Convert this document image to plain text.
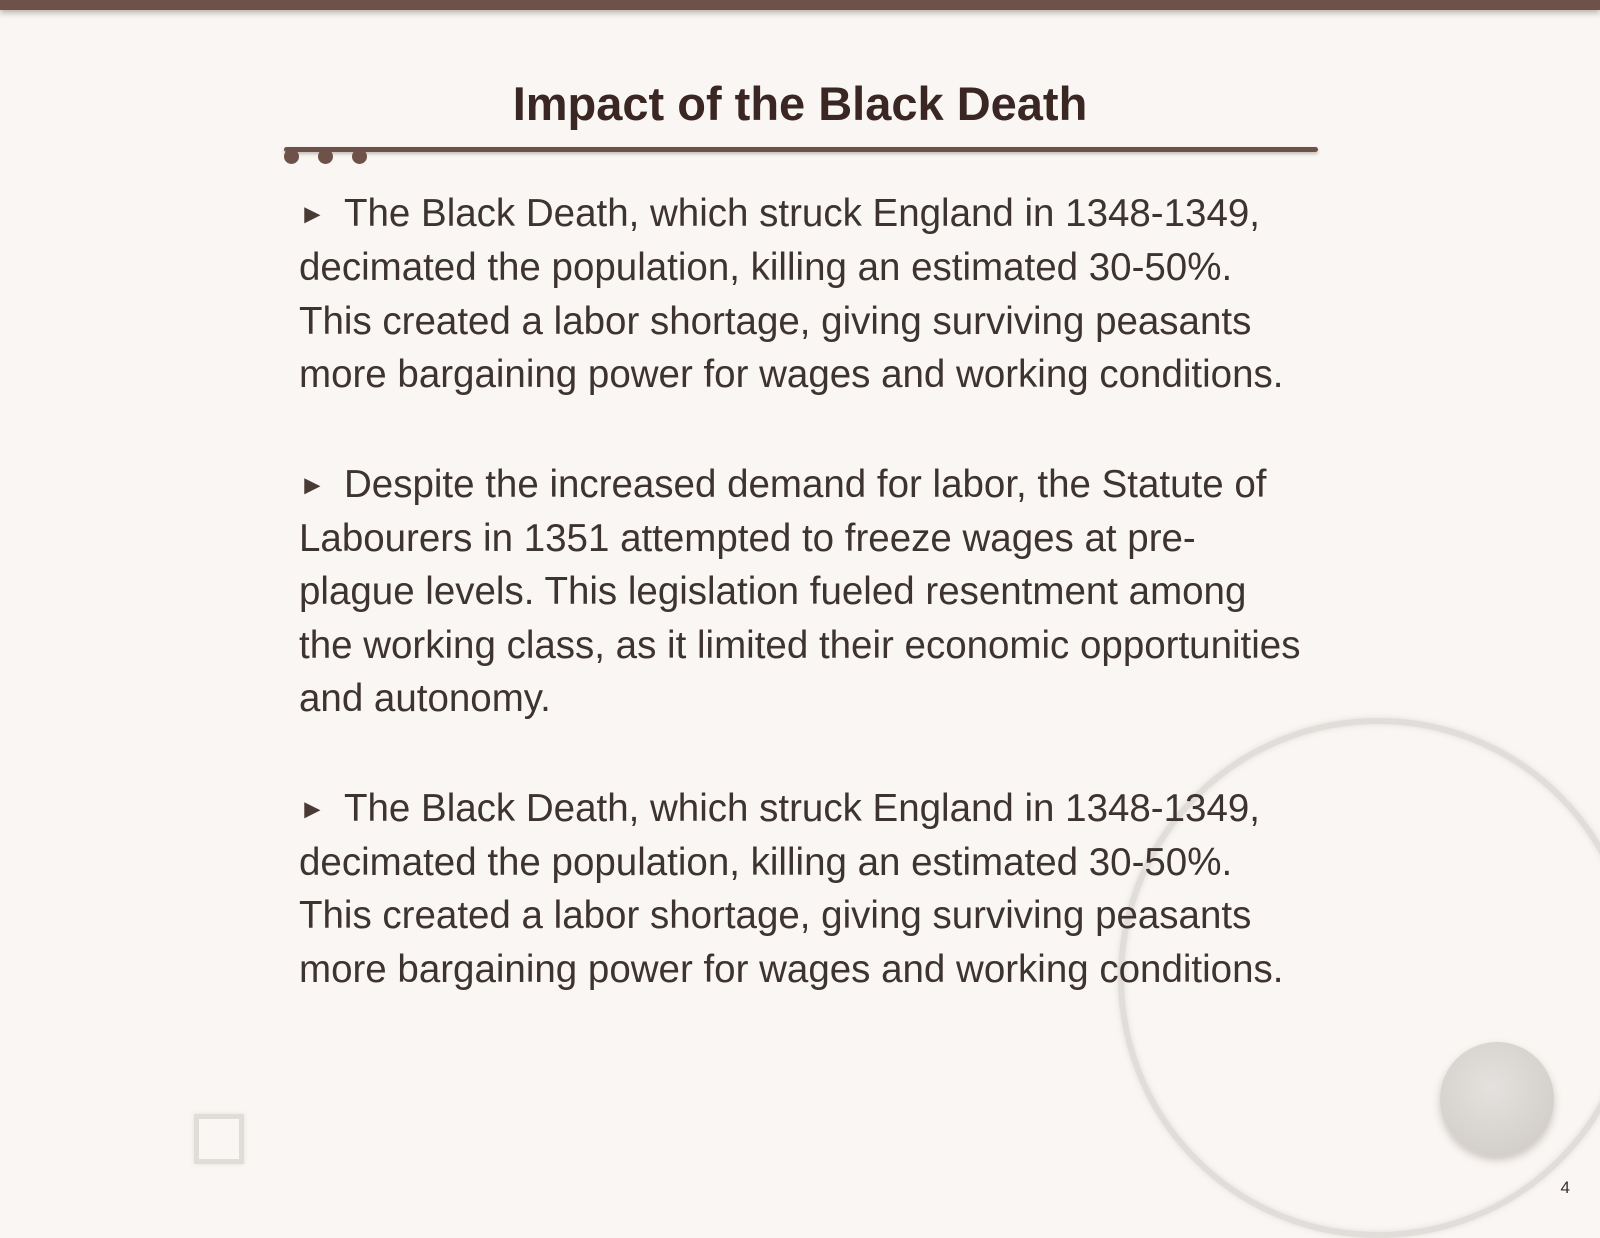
Impact of the Black Death

► The Black Death, which struck England in 1348-1349, decimated the population, killing an estimated 30-50%. This created a labor shortage, giving surviving peasants more bargaining power for wages and working conditions.

► Despite the increased demand for labor, the Statute of Labourers in 1351 attempted to freeze wages at pre-plague levels. This legislation fueled resentment among the working class, as it limited their economic opportunities and autonomy.

► The Black Death, which struck England in 1348-1349, decimated the population, killing an estimated 30-50%. This created a labor shortage, giving surviving peasants more bargaining power for wages and working conditions.

4
